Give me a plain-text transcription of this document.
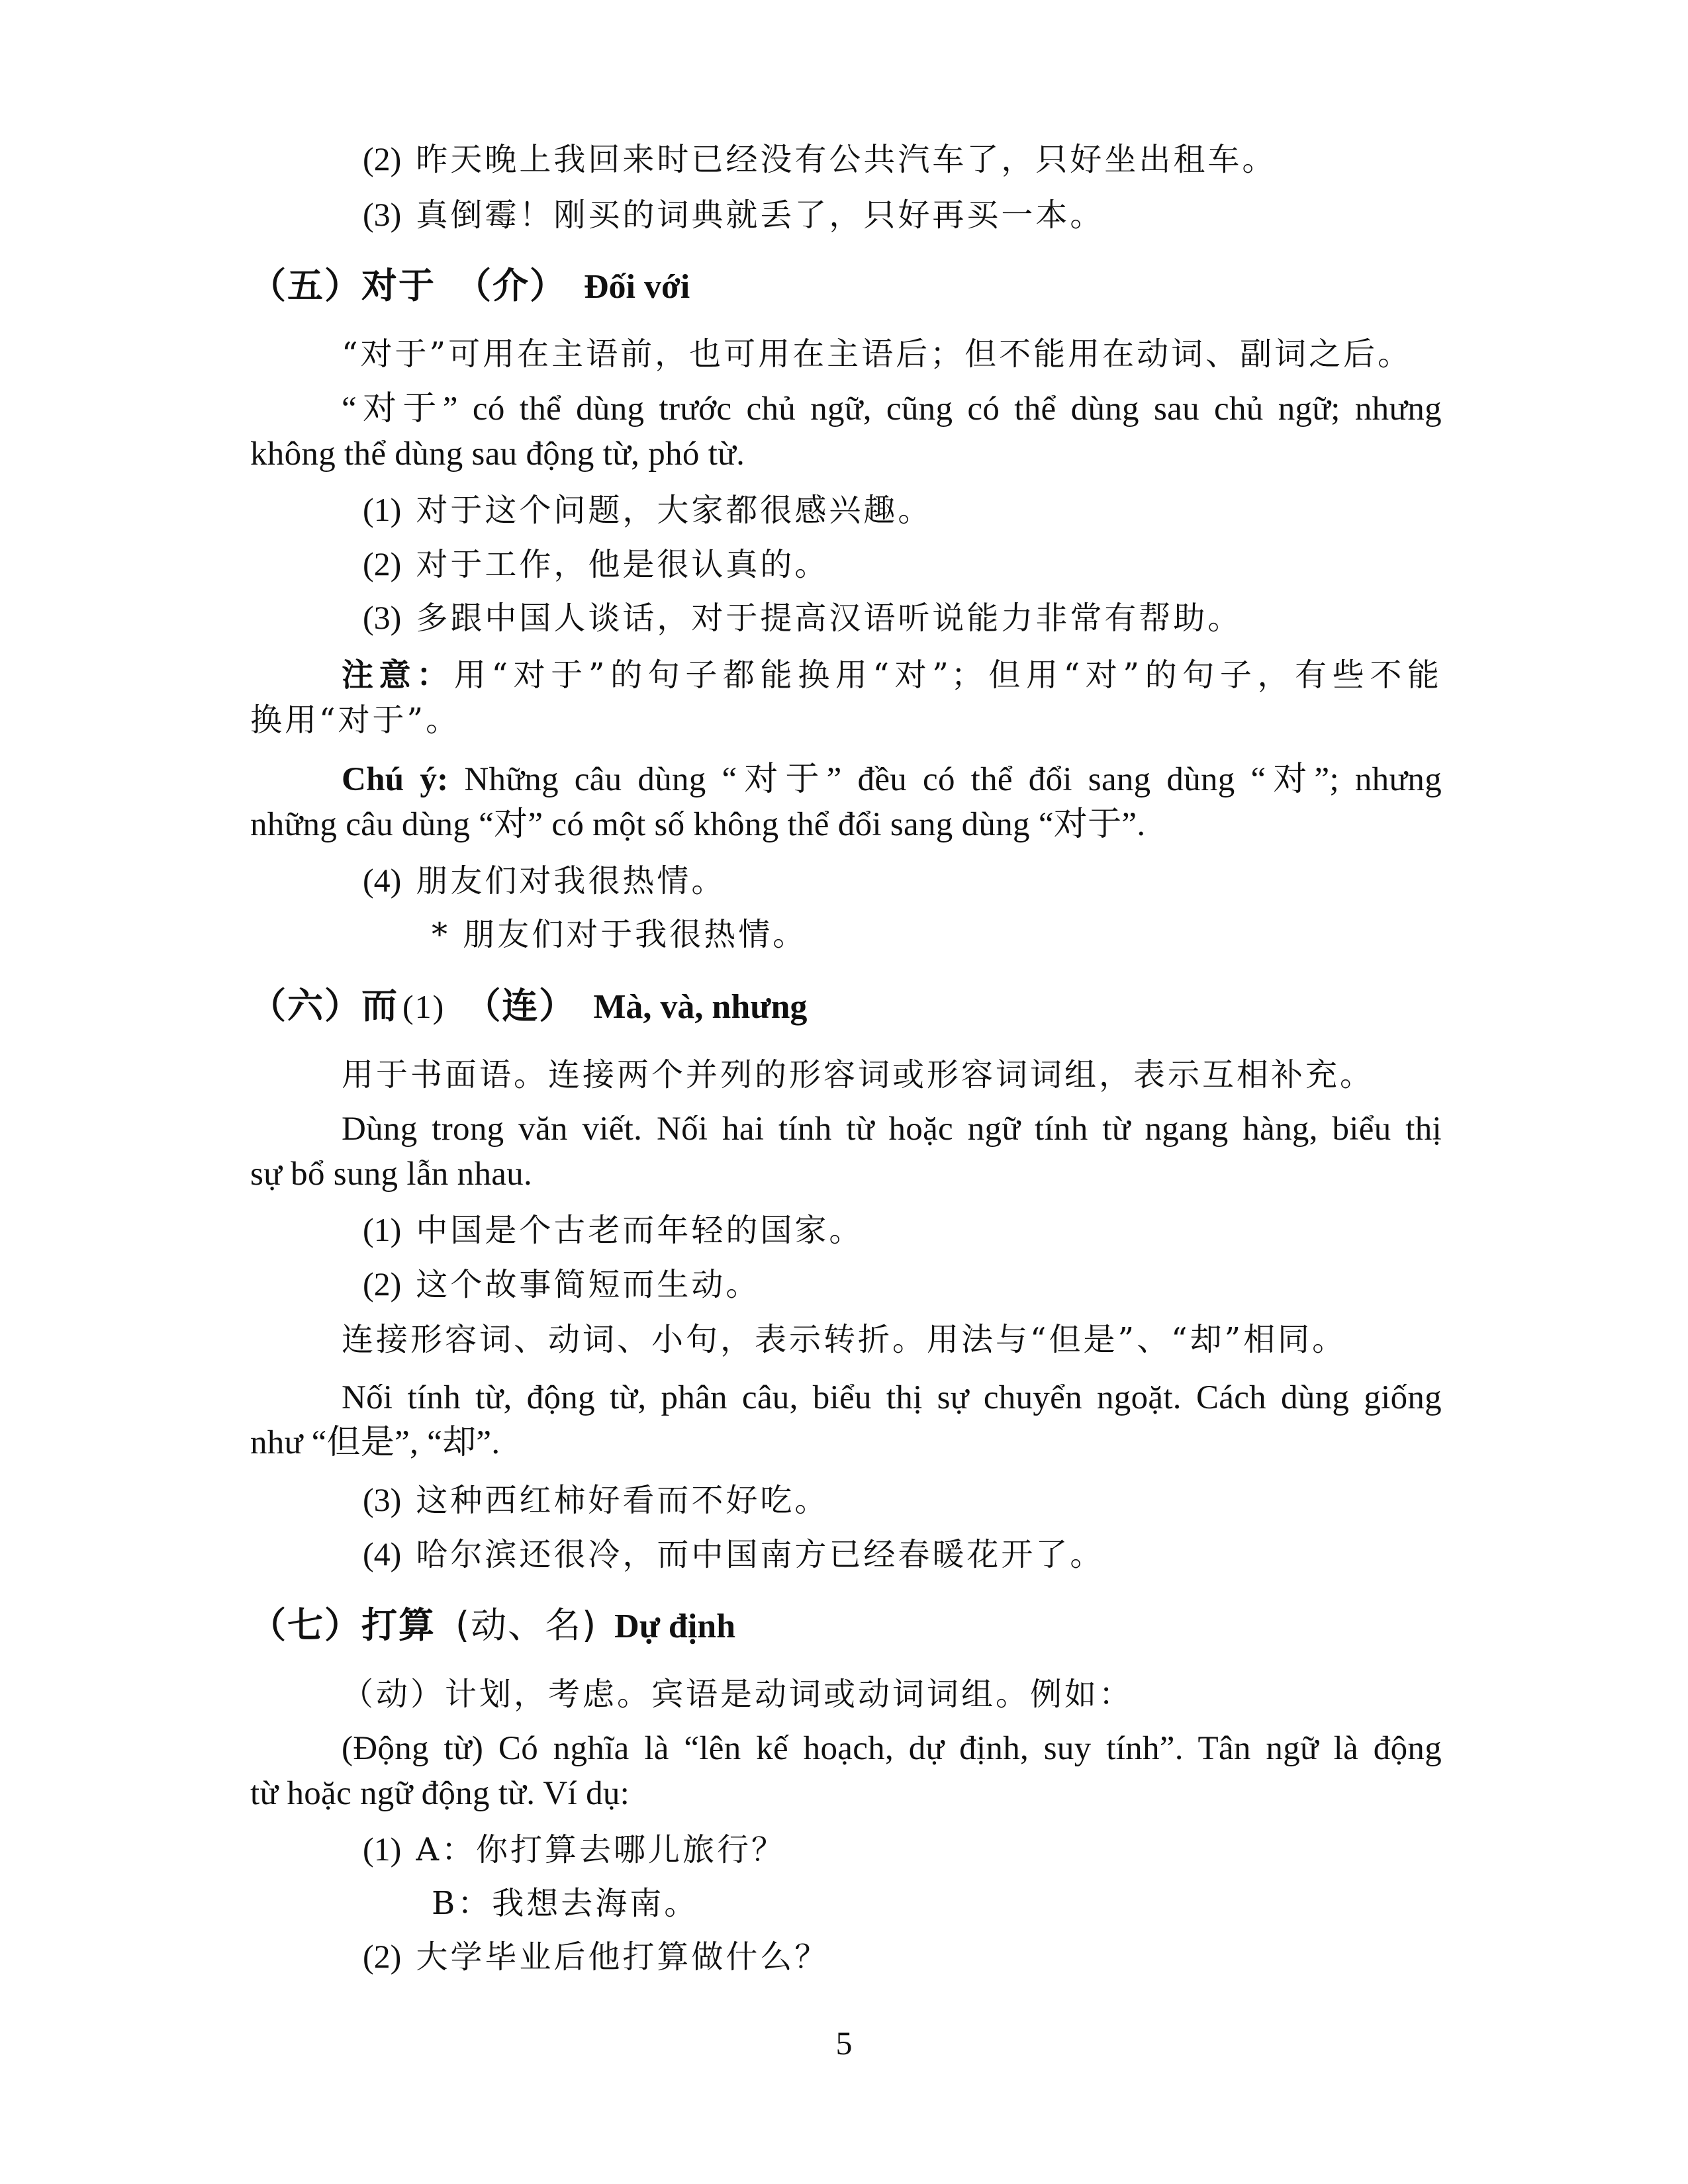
(2) 昨天晚上我回来时已经没有公共汽车了，只好坐出租车。
(3) 真倒霉！刚买的词典就丢了，只好再买一本。
（五）对于 （介） Đối với
“对于”可用在主语前，也可用在主语后；但不能用在动词、副词之后。
“对于” có thể dùng trước chủ ngữ, cũng có thể dùng sau chủ ngữ; nhưng
không thể dùng sau động từ, phó từ.
(1) 对于这个问题，大家都很感兴趣。
(2) 对于工作，他是很认真的。
(3) 多跟中国人谈话，对于提高汉语听说能力非常有帮助。
注意：用“对于”的句子都能换用“对”；但用“对”的句子，有些不能
换用“对于”。
Chú ý: Những câu dùng “对于” đều có thể đổi sang dùng “对”; nhưng
những câu dùng “对” có một số không thể đổi sang dùng “对于”.
(4) 朋友们对我很热情。
* 朋友们对于我很热情。
（六）而 (1) （连） Mà, và, nhưng
用于书面语。连接两个并列的形容词或形容词词组，表示互相补充。
Dùng trong văn viết. Nối hai tính từ hoặc ngữ tính từ ngang hàng, biểu thị
sự bổ sung lẫn nhau.
(1) 中国是个古老而年轻的国家。
(2) 这个故事简短而生动。
连接形容词、动词、小句，表示转折。用法与“但是”、“却”相同。
Nối tính từ, động từ, phân câu, biểu thị sự chuyển ngoặt. Cách dùng giống
như “但是”, “却”.
(3) 这种西红柿好看而不好吃。
(4) 哈尔滨还很冷，而中国南方已经春暖花开了。
（七）打算 (动、名) Dự định
（动）计划，考虑。宾语是动词或动词词组。例如：
(Động từ) Có nghĩa là “lên kế hoạch, dự định, suy tính”. Tân ngữ là động
từ hoặc ngữ động từ. Ví dụ:
(1) A：你打算去哪儿旅行？
B：我想去海南。
(2) 大学毕业后他打算做什么？
5
